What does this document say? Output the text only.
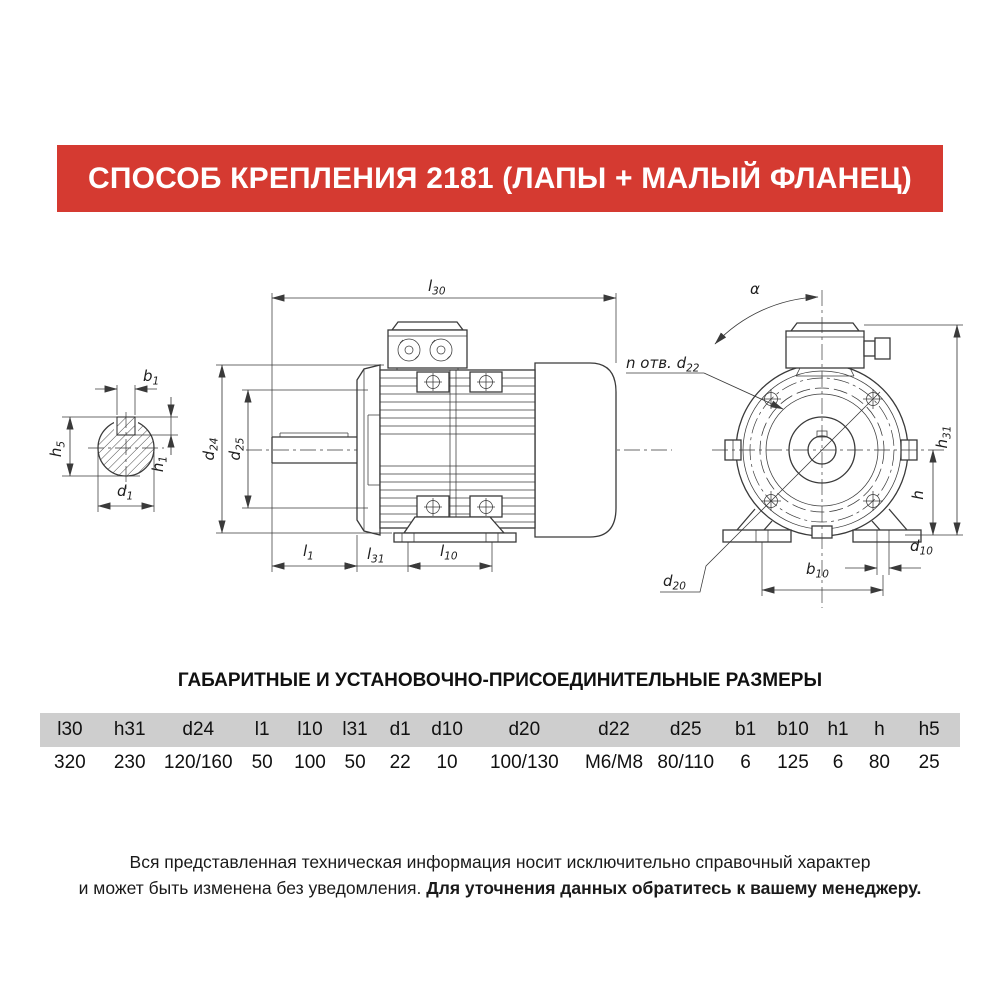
СПОСОБ КРЕПЛЕНИЯ 2181 (ЛАПЫ + МАЛЫЙ ФЛАНЕЦ)
$b_1$
$h_5$
$h_1$
$d_1$
$l_{30}$
$d_{24}$
$d_{25}$
$l_1$	$l_{31}$	$l_{10}$
α
n отв. $d_{22}$
$h_{31}$
h
$d_{10}$
$b_{10}$
$d_{20}$
ГАБАРИТНЫЕ И УСТАНОВОЧНО-ПРИСОЕДИНИТЕЛЬНЫЕ РАЗМЕРЫ
l30	h31	d24	l1	l10	l31	d1	d10	d20	d22	d25	b1	b10	h1	h	h5
320	230	120/160	50	100	50	22	10	100/130	М6/М8	80/110	6	125	6	80	25
Вся представленная техническая информация носит исключительно справочный характер
и может быть изменена без уведомления. Для уточнения данных обратитесь к вашему менеджеру.
